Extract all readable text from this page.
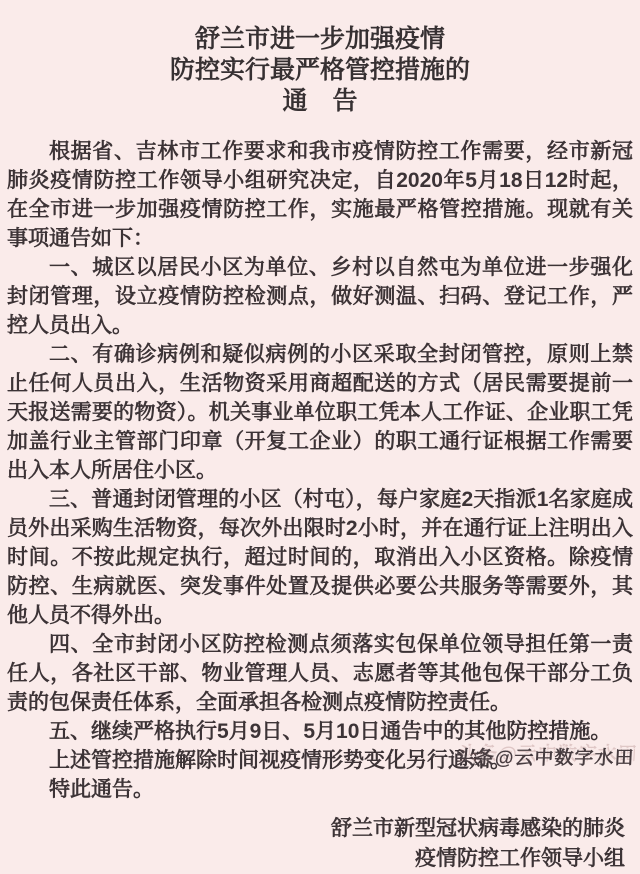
舒兰市进一步加强疫情
防控实行最严格管控措施的
通　告

根据省、吉林市工作要求和我市疫情防控工作需要，经市新冠肺炎疫情防控工作领导小组研究决定，自2020年5月18日12时起，在全市进一步加强疫情防控工作，实施最严格管控措施。现就有关事项通告如下：

一、城区以居民小区为单位、乡村以自然屯为单位进一步强化封闭管理，设立疫情防控检测点，做好测温、扫码、登记工作，严控人员出入。

二、有确诊病例和疑似病例的小区采取全封闭管控，原则上禁止任何人员出入，生活物资采用商超配送的方式（居民需要提前一天报送需要的物资）。机关事业单位职工凭本人工作证、企业职工凭加盖行业主管部门印章（开复工企业）的职工通行证根据工作需要出入本人所居住小区。

三、普通封闭管理的小区（村屯），每户家庭2天指派1名家庭成员外出采购生活物资，每次外出限时2小时，并在通行证上注明出入时间。不按此规定执行，超过时间的，取消出入小区资格。除疫情防控、生病就医、突发事件处置及提供必要公共服务等需要外，其他人员不得外出。

四、全市封闭小区防控检测点须落实包保单位领导担任第一责任人，各社区干部、物业管理人员、志愿者等其他包保干部分工负责的包保责任体系，全面承担各检测点疫情防控责任。

五、继续严格执行5月9日、5月10日通告中的其他防控措施。

上述管控措施解除时间视疫情形势变化另行通知。

特此通告。

舒兰市新型冠状病毒感染的肺炎
疫情防控工作领导小组
头条@云中数字水田
